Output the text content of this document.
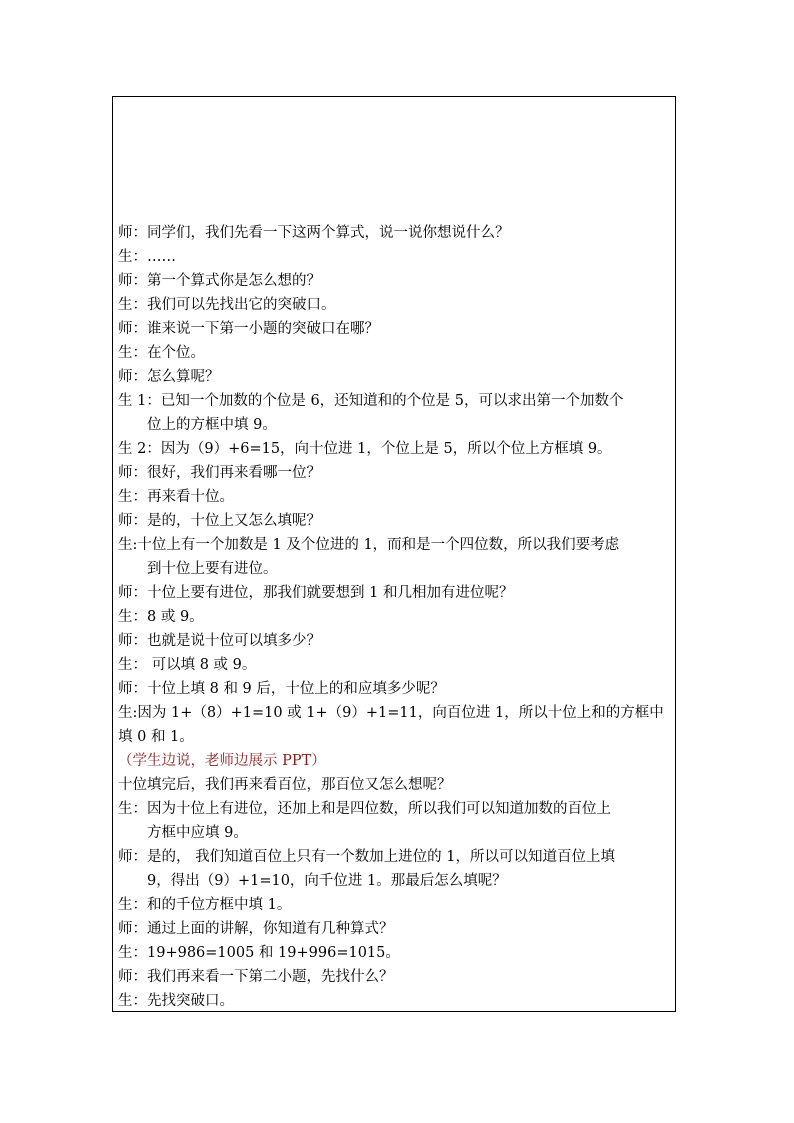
师：同学们，我们先看一下这两个算式，说一说你想说什么？
生：……
师：第一个算式你是怎么想的？
生：我们可以先找出它的突破口。
师：谁来说一下第一小题的突破口在哪？
生：在个位。
师：怎么算呢？
生 1：已知一个加数的个位是 6，还知道和的个位是 5，可以求出第一个加数个
位上的方框中填 9。
生 2：因为（9）+6=15，向十位进 1，个位上是 5，所以个位上方框填 9。
师：很好，我们再来看哪一位？
生：再来看十位。
师：是的，十位上又怎么填呢？
生:十位上有一个加数是 1 及个位进的 1，而和是一个四位数，所以我们要考虑
到十位上要有进位。
师：十位上要有进位，那我们就要想到 1 和几相加有进位呢？
生：8 或 9。
师：也就是说十位可以填多少？
生： 可以填 8 或 9。
师：十位上填 8 和 9 后，十位上的和应填多少呢？
生:因为 1+（8）+1=10 或 1+（9）+1=11，向百位进 1，所以十位上和的方框中
填 0 和 1。
（学生边说，老师边展示 PPT）
十位填完后，我们再来看百位，那百位又怎么想呢？
生：因为十位上有进位，还加上和是四位数，所以我们可以知道加数的百位上
方框中应填 9。
师：是的， 我们知道百位上只有一个数加上进位的 1，所以可以知道百位上填
9，得出（9）+1=10，向千位进 1。那最后怎么填呢？
生：和的千位方框中填 1。
师：通过上面的讲解，你知道有几种算式？
生：19+986=1005 和 19+996=1015。
师：我们再来看一下第二小题，先找什么？
生：先找突破口。
